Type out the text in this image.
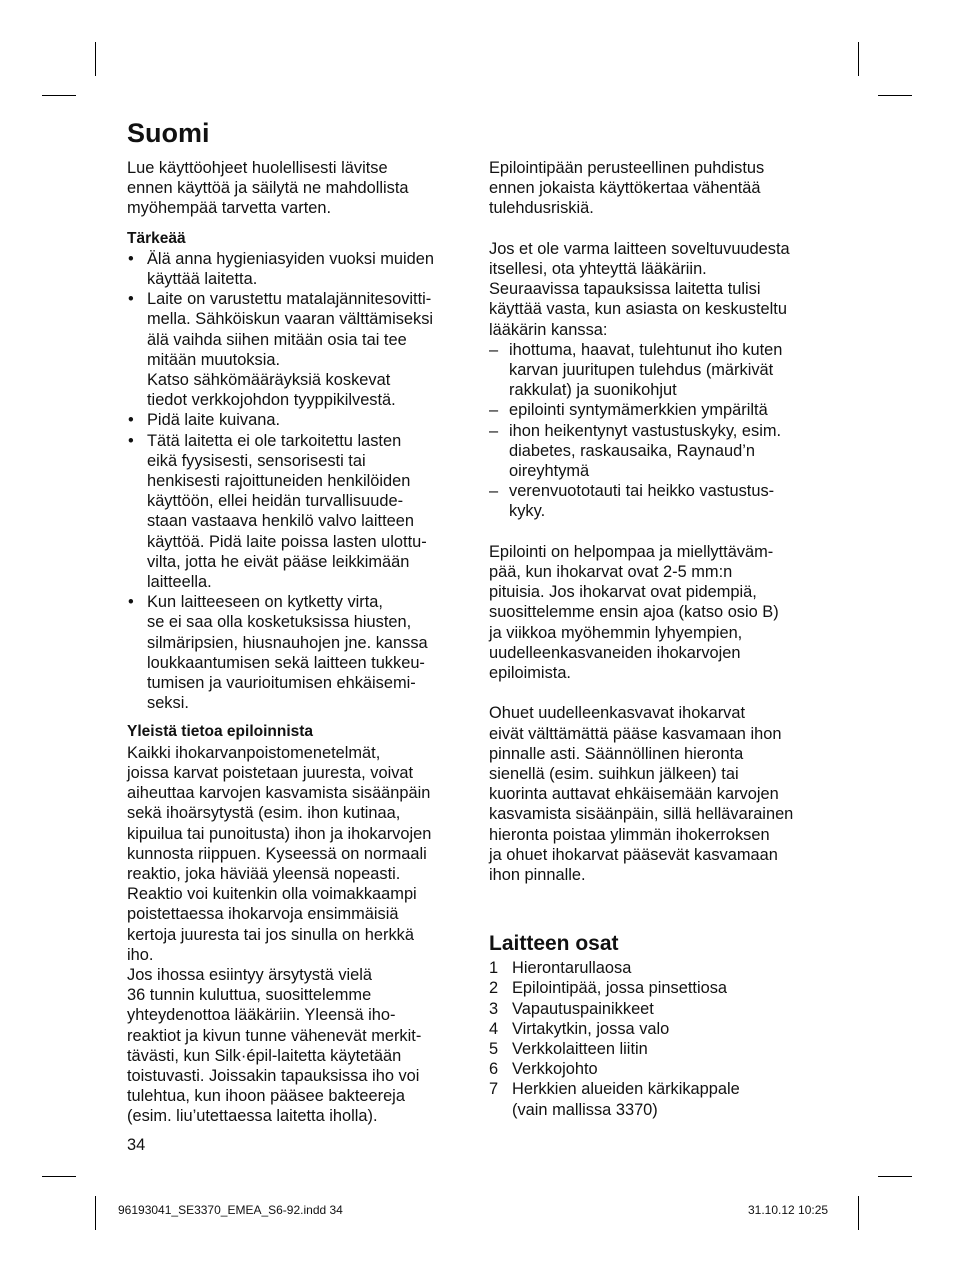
Suomi

Lue käyttöohjeet huolellisesti lävitse
ennen käyttöä ja säilytä ne mahdollista
myöhempää tarvetta varten.

Tärkeää
• Älä anna hygieniasyiden vuoksi muiden
käyttää laitetta.
• Laite on varustettu matalajännitesovitti-
mella. Sähköiskun vaaran välttämiseksi
älä vaihda siihen mitään osia tai tee
mitään muutoksia.
Katso sähkömääräyksiä koskevat
tiedot verkkojohdon tyyppikilvestä.
• Pidä laite kuivana.
• Tätä laitetta ei ole tarkoitettu lasten
eikä fyysisesti, sensorisesti tai
henkisesti rajoittuneiden henkilöiden
käyttöön, ellei heidän turvallisuude-
staan vastaava henkilö valvo laitteen
käyttöä. Pidä laite poissa lasten ulottu-
vilta, jotta he eivät pääse leikkimään
laitteella.
• Kun laitteeseen on kytketty virta,
se ei saa olla kosketuksissa hiusten,
silmäripsien, hiusnauhojen jne. kanssa
loukkaantumisen sekä laitteen tukkeu-
tumisen ja vaurioitumisen ehkäisemi-
seksi.
Yleistä tietoa epiloinnista

Kaikki ihokarvanpoistomenetelmät,
joissa karvat poistetaan juuresta, voivat
aiheuttaa karvojen kasvamista sisäänpäin
sekä ihoärsytystä (esim. ihon kutinaa,
kipuilua tai punoitusta) ihon ja ihokarvojen
kunnosta riippuen. Kyseessä on normaali
reaktio, joka häviää yleensä nopeasti.
Reaktio voi kuitenkin olla voimakkaampi
poistettaessa ihokarvoja ensimmäisiä
kertoja juuresta tai jos sinulla on herkkä
iho.
Jos ihossa esiintyy ärsytystä vielä
36 tunnin kuluttua, suosittelemme
yhteydenottoa lääkäriin. Yleensä iho-
reaktiot ja kivun tunne vähenevät merkit-
tävästi, kun Silk·épil-laitetta käytetään
toistuvasti. Joissakin tapauksissa iho voi
tulehtua, kun ihoon pääsee bakteereja
(esim. liu’utettaessa laitetta iholla).

Epilointipään perusteellinen puhdistus
ennen jokaista käyttökertaa vähentää
tulehdusriskiä.

Jos et ole varma laitteen soveltuvuudesta
itsellesi, ota yhteyttä lääkäriin.
Seuraavissa tapauksissa laitetta tulisi
käyttää vasta, kun asiasta on keskusteltu
lääkärin kanssa:

– ihottuma, haavat, tulehtunut iho kuten
karvan juuritupen tulehdus (märkivät
rakkulat) ja suonikohjut
– epilointi syntymämerkkien ympäriltä
– ihon heikentynyt vastustuskyky, esim.
diabetes, raskausaika, Raynaud’n
oireyhtymä
– verenvuototauti tai heikko vastustus-
kyky.

Epilointi on helpompaa ja miellyttäväm-
pää, kun ihokarvat ovat 2-5 mm:n
pituisia. Jos ihokarvat ovat pidempiä,
suosittelemme ensin ajoa (katso osio B)
ja viikkoa myöhemmin lyhyempien,
uudelleenkasvaneiden ihokarvojen
epiloimista.

Ohuet uudelleenkasvavat ihokarvat
eivät välttämättä pääse kasvamaan ihon
pinnalle asti. Säännöllinen hieronta
sienellä (esim. suihkun jälkeen) tai
kuorinta auttavat ehkäisemään karvojen
kasvamista sisäänpäin, sillä hellävarainen
hieronta poistaa ylimmän ihokerroksen
ja ohuet ihokarvat pääsevät kasvamaan
ihon pinnalle.

Laitteen osat
1 Hierontarullaosa
2 Epilointipää, jossa pinsettiosa
3 Vapautuspainikkeet
4 Virtakytkin, jossa valo
5 Verkkolaitteen liitin
6 Verkkojohto
7 Herkkien alueiden kärkikappale
(vain mallissa 3370)
34
96193041_SE3370_EMEA_S6-92.indd 34	31.10.12 10:25
